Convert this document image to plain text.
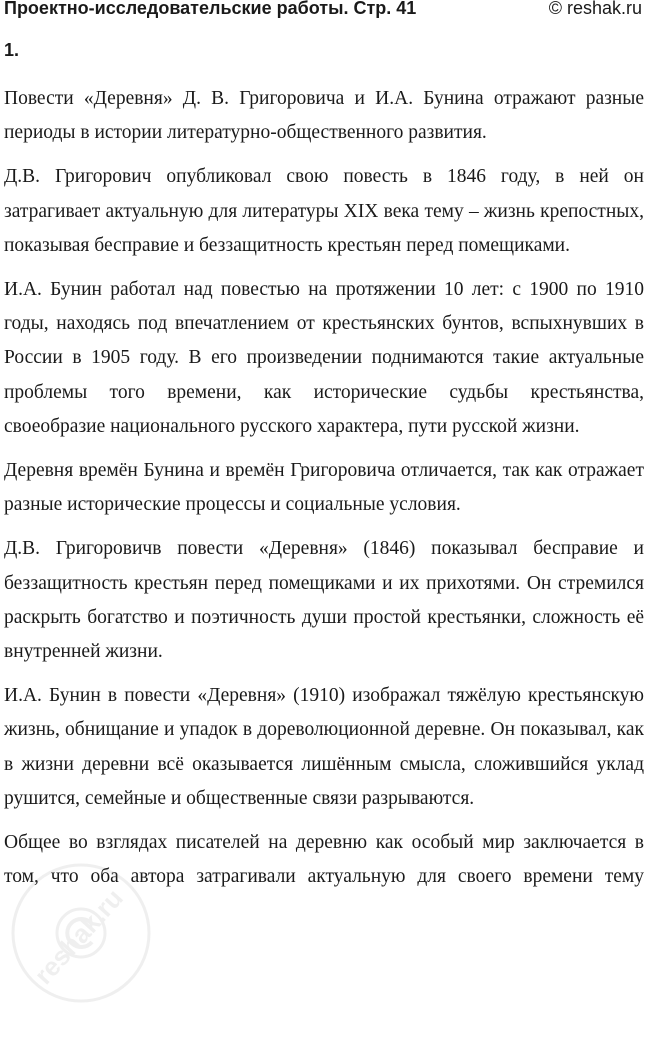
Проектно-исследовательские работы. Стр. 41	© reshak.ru
1.

Повести «Деревня» Д. В. Григоровича и И.А. Бунина отражают разные периоды в истории литературно-общественного развития.

Д.В. Григорович опубликовал свою повесть в 1846 году, в ней он затрагивает актуальную для литературы XIX века тему – жизнь крепостных, показывая бесправие и беззащитность крестьян перед помещиками.

И.А. Бунин работал над повестью на протяжении 10 лет: с 1900 по 1910 годы, находясь под впечатлением от крестьянских бунтов, вспыхнувших в России в 1905 году. В его произведении поднимаются такие актуальные проблемы того времени, как исторические судьбы крестьянства, своеобразие национального русского характера, пути русской жизни.

Деревня времён Бунина и времён Григоровича отличается, так как отражает разные исторические процессы и социальные условия.

Д.В. Григоровичв повести «Деревня» (1846) показывал бесправие и беззащитность крестьян перед помещиками и их прихотями. Он стремился раскрыть богатство и поэтичность души простой крестьянки, сложность её внутренней жизни.

И.А. Бунин в повести «Деревня» (1910) изображал тяжёлую крестьянскую жизнь, обнищание и упадок в дореволюционной деревне. Он показывал, как в жизни деревни всё оказывается лишённым смысла, сложившийся уклад рушится, семейные и общественные связи разрываются.

Общее во взглядах писателей на деревню как особый мир заключается в том, что оба автора затрагивали актуальную для своего времени тему

reshak.ru
